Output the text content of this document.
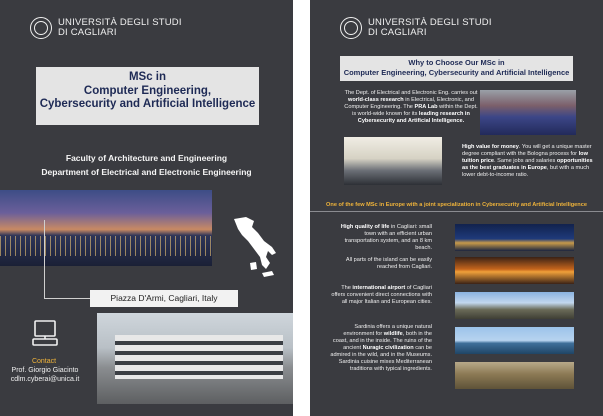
UNIVERSITÀ DEGLI STUDI
DI CAGLIARI
MSc in
Computer Engineering,
Cybersecurity and Artificial Intelligence
Faculty of Architecture and Engineering
Department of Electrical and Electronic Engineering
Piazza D'Armi, Cagliari, Italy
Contact
Prof. Giorgio Giacinto
cdlm.cyberai@unica.it
UNIVERSITÀ DEGLI STUDI
DI CAGLIARI
Why to Choose Our MSc in
Computer Engineering, Cybersecurity and Artificial Intelligence
The Dept. of Electrical and Electronic Eng. carries out world-class research in Electrical, Electronic, and Computer Engineering. The PRA Lab within the Dept. is world-wide known for its leading research in Cybersecurity and Artificial Intelligence.
High value for money. You will get a unique master degree compliant with the Bologna process for low tuition price. Same jobs and salaries opportunities as the best graduates in Europe, but with a much lower debt-to-income ratio.
One of the few MSc in Europe with a joint specialization in Cybersecurity and Artificial Intelligence
High quality of life in Cagliari: small town with an efficient urban transportation system, and an 8 km beach.
All parts of the island can be easily reached from Cagliari.
The international airport of Cagliari offers convenient direct connections with all major Italian and European cities.
Sardinia offers a unique natural environment for wildlife, both in the coast, and in the inside. The ruins of the ancient Nuragic civilization can be admired in the wild, and in the Museums. Sardinia cuisine mixes Mediterranean traditions with typical ingredients.
